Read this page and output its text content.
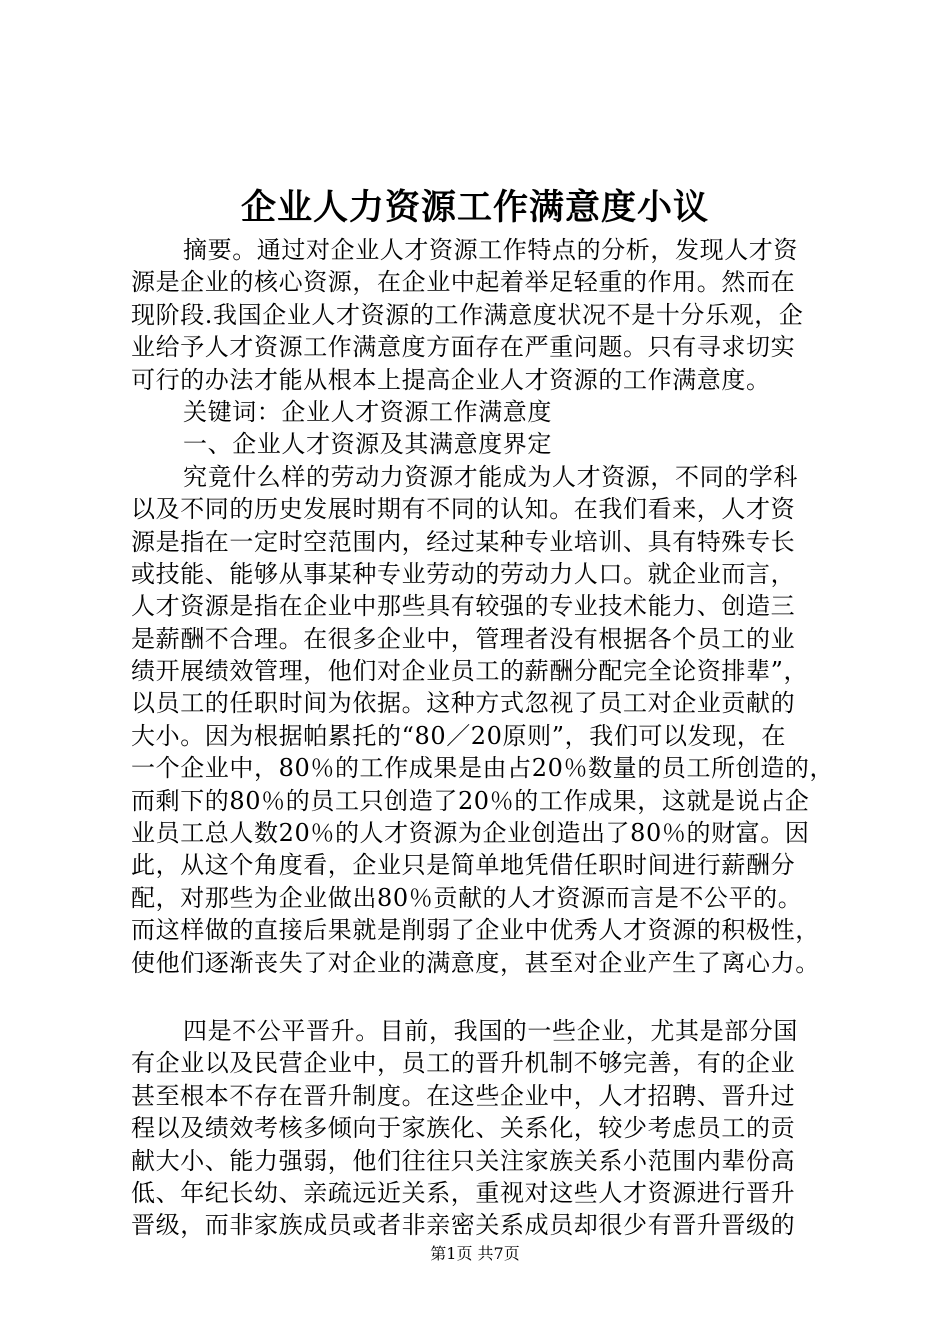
企业人力资源工作满意度小议
摘要。通过对企业人才资源工作特点的分析，发现人才资
源是企业的核心资源，在企业中起着举足轻重的作用。然而在
现阶段.我国企业人才资源的工作满意度状况不是十分乐观，企
业给予人才资源工作满意度方面存在严重问题。只有寻求切实
可行的办法才能从根本上提高企业人才资源的工作满意度。
关键词：企业人才资源工作满意度
一、企业人才资源及其满意度界定
究竟什么样的劳动力资源才能成为人才资源，不同的学科
以及不同的历史发展时期有不同的认知。在我们看来，人才资
源是指在一定时空范围内，经过某种专业培训、具有特殊专长
或技能、能够从事某种专业劳动的劳动力人口。就企业而言，
人才资源是指在企业中那些具有较强的专业技术能力、创造三
是薪酬不合理。在很多企业中，管理者没有根据各个员工的业
绩开展绩效管理，他们对企业员工的薪酬分配完全论资排辈”，
以员工的任职时间为依据。这种方式忽视了员工对企业贡献的
大小。因为根据帕累托的“80／20原则”，我们可以发现，在
一个企业中，80％的工作成果是由占20％数量的员工所创造的，
而剩下的80％的员工只创造了20％的工作成果，这就是说占企
业员工总人数20％的人才资源为企业创造出了80％的财富。因
此，从这个角度看，企业只是简单地凭借任职时间进行薪酬分
配，对那些为企业做出80％贡献的人才资源而言是不公平的。
而这样做的直接后果就是削弱了企业中优秀人才资源的积极性，
使他们逐渐丧失了对企业的满意度，甚至对企业产生了离心力。
四是不公平晋升。目前，我国的一些企业，尤其是部分国
有企业以及民营企业中，员工的晋升机制不够完善，有的企业
甚至根本不存在晋升制度。在这些企业中，人才招聘、晋升过
程以及绩效考核多倾向于家族化、关系化，较少考虑员工的贡
献大小、能力强弱，他们往往只关注家族关系小范围内辈份高
低、年纪长幼、亲疏远近关系，重视对这些人才资源进行晋升
晋级，而非家族成员或者非亲密关系成员却很少有晋升晋级的
第1页 共7页
